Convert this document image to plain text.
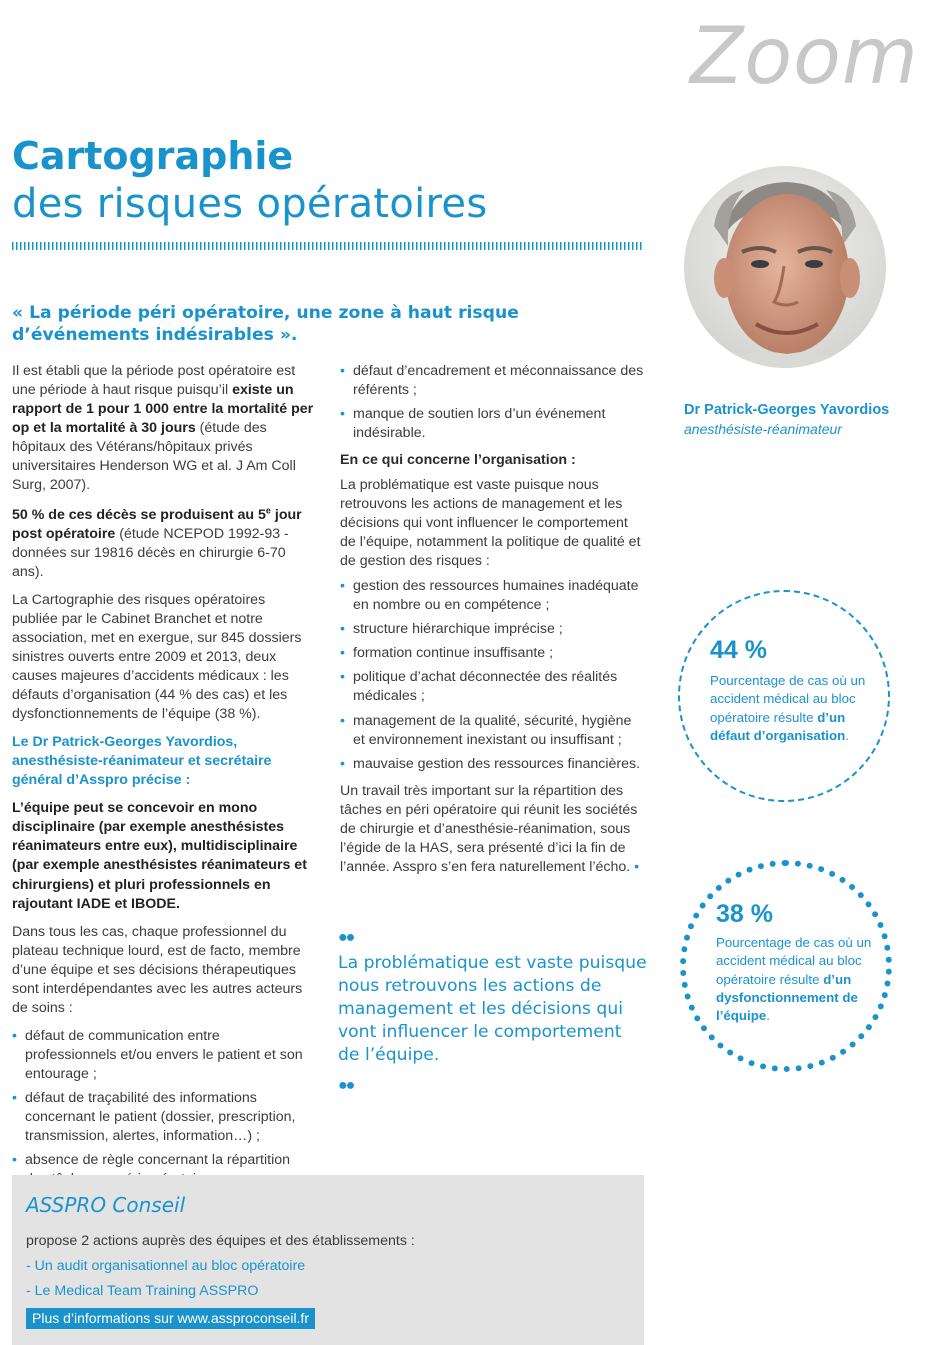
Zoom
Cartographie
des risques opératoires
« La période péri opératoire, une zone à haut risque d’événements indésirables ».

Il est établi que la période post opératoire est une période à haut risque puisqu’il existe un rapport de 1 pour 1 000 entre la mortalité per op et la mortalité à 30 jours (étude des hôpitaux des Vétérans/hôpitaux privés universitaires Henderson WG et al. J Am Coll Surg, 2007).

50 % de ces décès se produisent au 5e jour post opératoire (étude NCEPOD 1992-93 - données sur 19816 décès en chirurgie 6-70 ans).

La Cartographie des risques opératoires publiée par le Cabinet Branchet et notre association, met en exergue, sur 845 dossiers sinistres ouverts entre 2009 et 2013, deux causes majeures d’accidents médicaux : les défauts d’organisation (44 % des cas) et les dysfonctionnements de l’équipe (38 %).

Le Dr Patrick-Georges Yavordios, anesthésiste-réanimateur et secrétaire général d’Asspro précise :

L’équipe peut se concevoir en mono disciplinaire (par exemple anesthésistes réanimateurs entre eux), multidisciplinaire (par exemple anesthésistes réanimateurs et chirurgiens) et pluri professionnels en rajoutant IADE et IBODE.

Dans tous les cas, chaque professionnel du plateau technique lourd, est de facto, membre d’une équipe et ses décisions thérapeutiques sont interdépendantes avec les autres acteurs de soins :

• défaut de communication entre professionnels et/ou envers le patient et son entourage ;
• défaut de traçabilité des informations concernant le patient (dossier, prescription, transmission, alertes, information…) ;
• absence de règle concernant la répartition
• défaut d’encadrement et méconnaissance des référents ;
• manque de soutien lors d’un événement indésirable.

En ce qui concerne l’organisation :

La problématique est vaste puisque nous retrouvons les actions de management et les décisions qui vont influencer le comportement de l’équipe, notamment la politique de qualité et de gestion des risques :

• gestion des ressources humaines inadéquate en nombre ou en compétence ;
• structure hiérarchique imprécise ;
• formation continue insuffisante ;
• politique d’achat déconnectée des réalités médicales ;
• management de la qualité, sécurité, hygiène et environnement inexistant ou insuffisant ;
• mauvaise gestion des ressources financières.

Un travail très important sur la répartition des tâches en péri opératoire qui réunit les sociétés de chirurgie et d’anesthésie-réanimation, sous l’égide de la HAS, sera présenté d’ici la fin de l’année. Asspro s’en fera naturellement l’écho. •

●●
La problématique est vaste puisque nous retrouvons les actions de management et les décisions qui vont influencer le comportement de l’équipe.
●●
Dr Patrick-Georges Yavordios
anesthésiste-réanimateur
44 %
Pourcentage de cas où un accident médical au bloc opératoire résulte d’un défaut d’organisation.
38 %
Pourcentage de cas où un accident médical au bloc opératoire résulte d’un dysfonctionnement de l’équipe.
ASSPRO Conseil
propose 2 actions auprès des équipes et des établissements :
- Un audit organisationnel au bloc opératoire
- Le Medical Team Training ASSPRO
Plus d’informations sur www.assproconseil.fr
